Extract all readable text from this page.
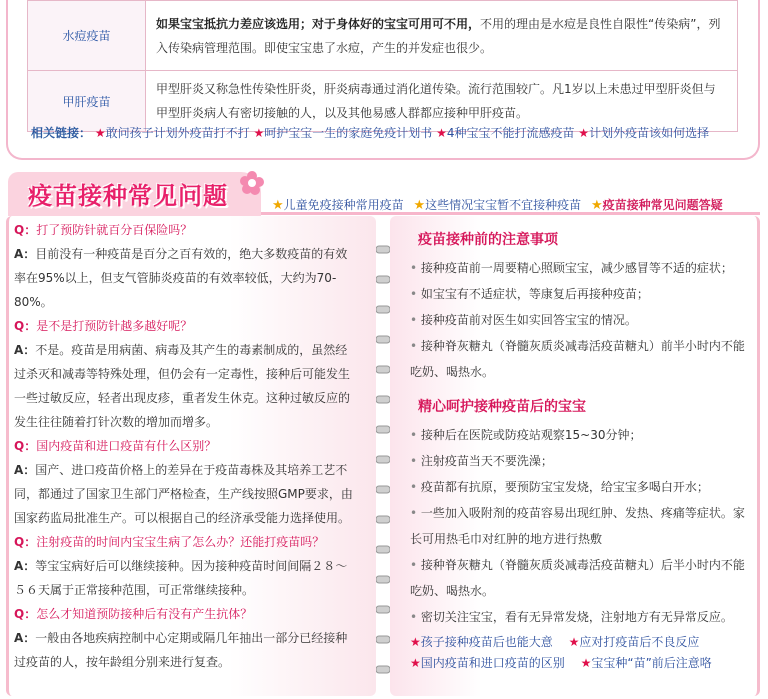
水痘疫苗	如果宝宝抵抗力差应该选用；对于身体好的宝宝可用可不用，不用的理由是水痘是良性自限性“传染病”，列入传染病管理范围。即使宝宝患了水痘，产生的并发症也很少。
甲肝疫苗	甲型肝炎又称急性传染性肝炎，肝炎病毒通过消化道传染。流行范围较广。凡1岁以上未患过甲型肝炎但与甲型肝炎病人有密切接触的人，以及其他易感人群都应接种甲肝疫苗。
相关链接： ★敢问孩子计划外疫苗打不打 ★呵护宝宝一生的家庭免疫计划书 ★4种宝宝不能打流感疫苗 ★计划外疫苗该如何选择
疫苗接种常见问题	★儿童免疫接种常用疫苗 ★这些情况宝宝暂不宜接种疫苗 ★疫苗接种常见问题答疑
Q：打了预防针就百分百保险吗？
A：目前没有一种疫苗是百分之百有效的，绝大多数疫苗的有效率在95%以上，但支气管肺炎疫苗的有效率较低，大约为70-80%。
Q：是不是打预防针越多越好呢？
A：不是。疫苗是用病菌、病毒及其产生的毒素制成的，虽然经过杀灭和减毒等特殊处理，但仍会有一定毒性，接种后可能发生一些过敏反应，轻者出现皮疹，重者发生休克。这种过敏反应的发生往往随着打针次数的增加而增多。
Q：国内疫苗和进口疫苗有什么区别？
A：国产、进口疫苗价格上的差异在于疫苗毒株及其培养工艺不同，都通过了国家卫生部门严格检查，生产线按照GMP要求，由国家药监局批准生产。可以根据自己的经济承受能力选择使用。
Q：注射疫苗的时间内宝宝生病了怎么办？还能打疫苗吗？
A：等宝宝病好后可以继续接种。因为接种疫苗时间间隔２８～５６天属于正常接种范围，可正常继续接种。
Q：怎么才知道预防接种后有没有产生抗体？
A：一般由各地疾病控制中心定期或隔几年抽出一部分已经接种过疫苗的人，按年龄组分别来进行复查。
疫苗接种前的注意事项
• 接种疫苗前一周要精心照顾宝宝，减少感冒等不适的症状；
• 如宝宝有不适症状，等康复后再接种疫苗；
• 接种疫苗前对医生如实回答宝宝的情况。
• 接种脊灰糖丸（脊髓灰质炎减毒活疫苗糖丸）前半小时内不能吃奶、喝热水。
精心呵护接种疫苗后的宝宝
• 接种后在医院或防疫站观察15~30分钟；
• 注射疫苗当天不要洗澡；
• 疫苗都有抗原，要预防宝宝发烧，给宝宝多喝白开水；
• 一些加入吸附剂的疫苗容易出现红肿、发热、疼痛等症状。家长可用热毛巾对红肿的地方进行热敷
• 接种脊灰糖丸（脊髓灰质炎减毒活疫苗糖丸）后半小时内不能吃奶、喝热水。
• 密切关注宝宝，看有无异常发烧，注射地方有无异常反应。
★孩子接种疫苗后也能大意 ★应对打疫苗后不良反应
★国内疫苗和进口疫苗的区别 ★宝宝种“苗”前后注意咯
